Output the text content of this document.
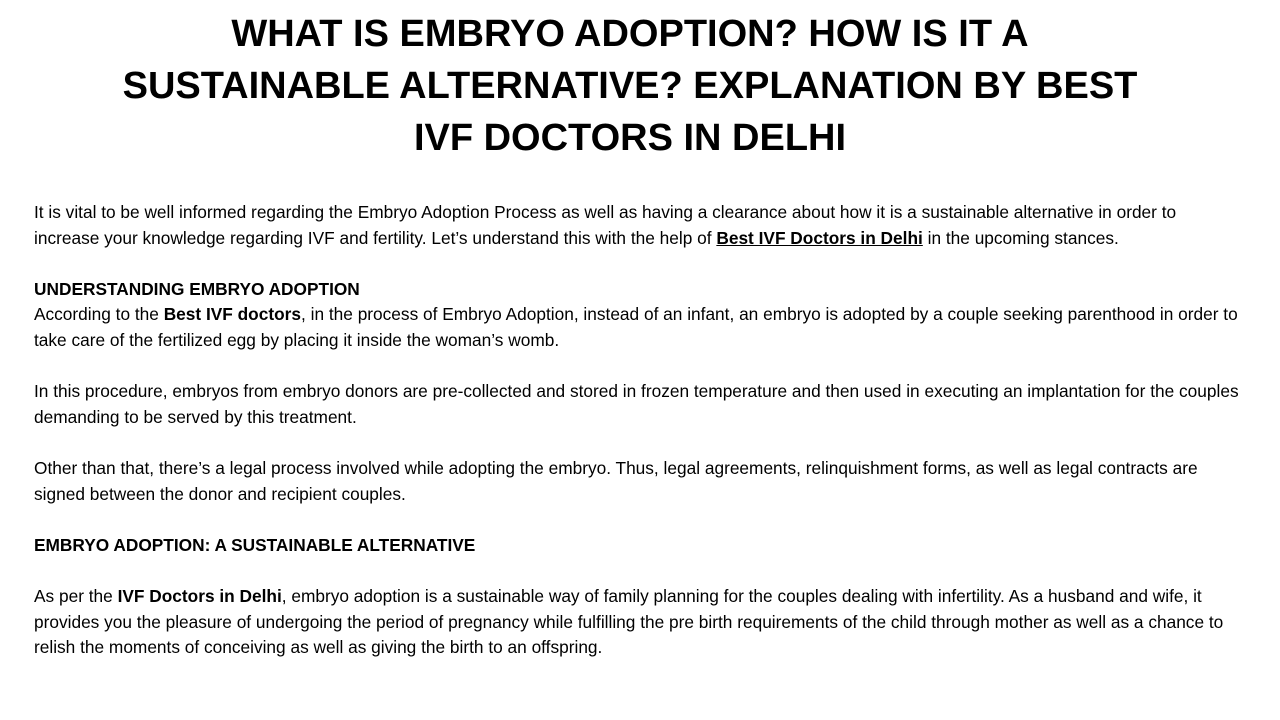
WHAT IS EMBRYO ADOPTION? HOW IS IT A SUSTAINABLE ALTERNATIVE? EXPLANATION BY BEST IVF DOCTORS IN DELHI

It is vital to be well informed regarding the Embryo Adoption Process as well as having a clearance about how it is a sustainable alternative in order to increase your knowledge regarding IVF and fertility. Let’s understand this with the help of Best IVF Doctors in Delhi in the upcoming stances.

UNDERSTANDING EMBRYO ADOPTION

According to the Best IVF doctors, in the process of Embryo Adoption, instead of an infant, an embryo is adopted by a couple seeking parenthood in order to take care of the fertilized egg by placing it inside the woman’s womb.

In this procedure, embryos from embryo donors are pre-collected and stored in frozen temperature and then used in executing an implantation for the couples demanding to be served by this treatment.

Other than that, there’s a legal process involved while adopting the embryo. Thus, legal agreements, relinquishment forms, as well as legal contracts are signed between the donor and recipient couples.

EMBRYO ADOPTION: A SUSTAINABLE ALTERNATIVE

As per the IVF Doctors in Delhi, embryo adoption is a sustainable way of family planning for the couples dealing with infertility. As a husband and wife, it provides you the pleasure of undergoing the period of pregnancy while fulfilling the pre birth requirements of the child through mother as well as a chance to relish the moments of conceiving as well as giving the birth to an offspring.
